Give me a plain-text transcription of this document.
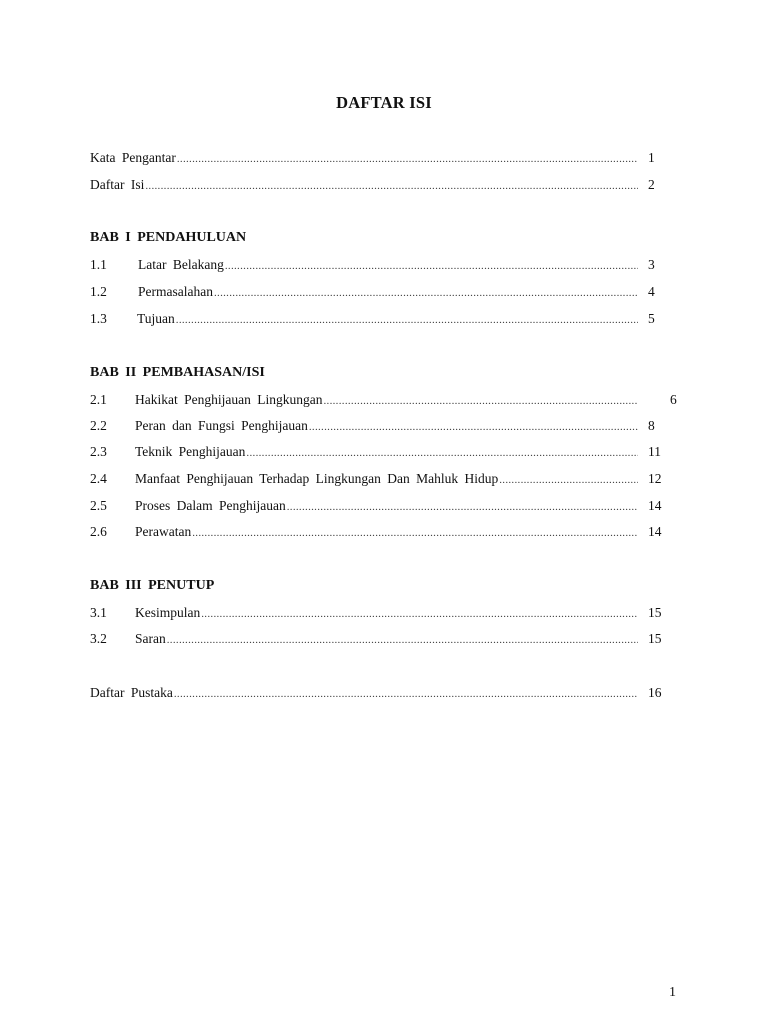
DAFTAR ISI
Kata Pengantar .....	1
Daftar Isi .....	2
BAB I PENDAHULUAN
1.1	Latar Belakang .....	3
1.2	Permasalahan .....	4
1.3	Tujuan .....	5
BAB II PEMBAHASAN/ISI
2.1	Hakikat Penghijauan Lingkungan .....	6
2.2	Peran dan Fungsi Penghijauan .....	8
2.3	Teknik Penghijauan .....	11
2.4	Manfaat Penghijauan Terhadap Lingkungan Dan Mahluk Hidup .....	12
2.5	Proses Dalam Penghijauan .....	14
2.6	Perawatan .....	14
BAB III PENUTUP
3.1	Kesimpulan .....	15
3.2	Saran .....	15
Daftar Pustaka .....	16
1
